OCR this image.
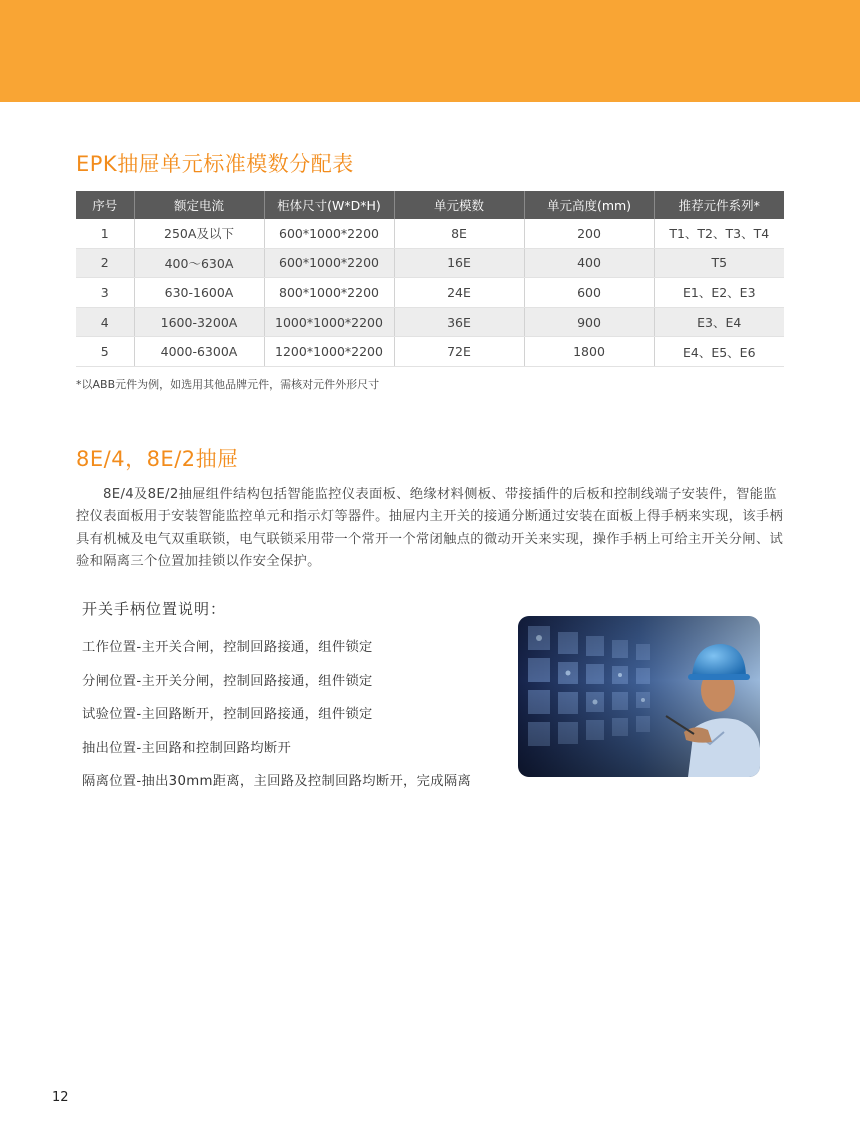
EPK抽屉单元标准模数分配表
序号	额定电流	柜体尺寸(W*D*H)	单元模数	单元高度(mm)	推荐元件系列*
1	250A及以下	600*1000*2200	8E	200	T1、T2、T3、T4
2	400～630A	600*1000*2200	16E	400	T5
3	630-1600A	800*1000*2200	24E	600	E1、E2、E3
4	1600-3200A	1000*1000*2200	36E	900	E3、E4
5	4000-6300A	1200*1000*2200	72E	1800	E4、E5、E6

*以ABB元件为例，如选用其他品牌元件，需核对元件外形尺寸

8E/4，8E/2抽屉

8E/4及8E/2抽屉组件结构包括智能监控仪表面板、绝缘材料侧板、带接插件的后板和控制线端子安装件，智能监控仪表面板用于安装智能监控单元和指示灯等器件。抽屉内主开关的接通分断通过安装在面板上得手柄来实现，该手柄具有机械及电气双重联锁，电气联锁采用带一个常开一个常闭触点的微动开关来实现，操作手柄上可给主开关分闸、试验和隔离三个位置加挂锁以作安全保护。

开关手柄位置说明：

工作位置-主开关合闸，控制回路接通，组件锁定
分闸位置-主开关分闸，控制回路接通，组件锁定
试验位置-主回路断开，控制回路接通，组件锁定
抽出位置-主回路和控制回路均断开
隔离位置-抽出30mm距离，主回路及控制回路均断开，完成隔离

12
